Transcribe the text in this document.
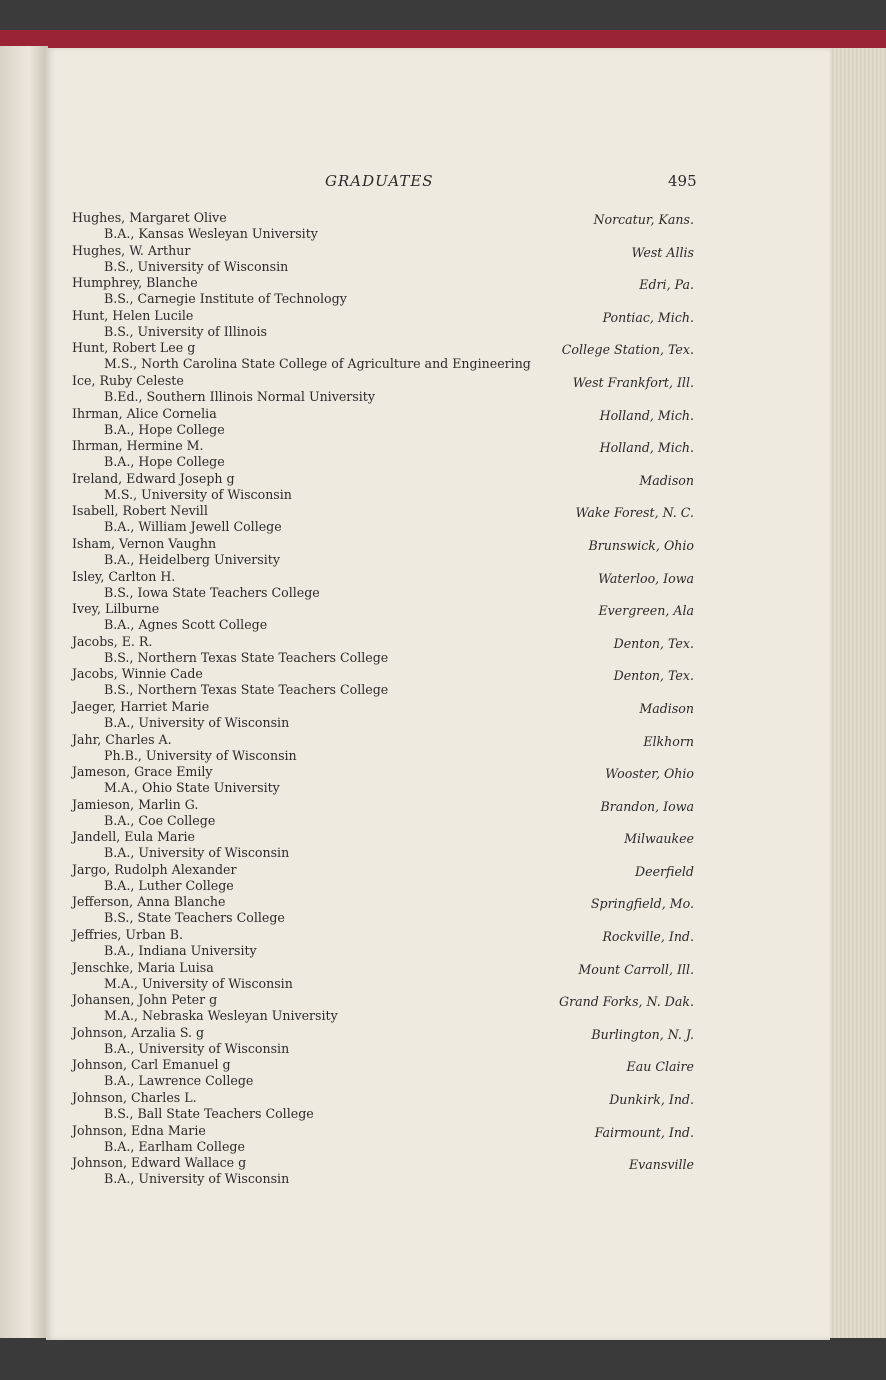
GRADUATES	495
Hughes, Margaret Olive
B.A., Kansas Wesleyan University
Norcatur, Kans.
Hughes, W. Arthur
B.S., University of Wisconsin
West Allis
Humphrey, Blanche
B.S., Carnegie Institute of Technology
Edri, Pa.
Hunt, Helen Lucile
B.S., University of Illinois
Pontiac, Mich.
Hunt, Robert Lee g
M.S., North Carolina State College of Agriculture and Engineering
College Station, Tex.
Ice, Ruby Celeste
B.Ed., Southern Illinois Normal University
West Frankfort, Ill.
Ihrman, Alice Cornelia
B.A., Hope College
Holland, Mich.
Ihrman, Hermine M.
B.A., Hope College
Holland, Mich.
Ireland, Edward Joseph g
M.S., University of Wisconsin
Madison
Isabell, Robert Nevill
B.A., William Jewell College
Wake Forest, N. C.
Isham, Vernon Vaughn
B.A., Heidelberg University
Brunswick, Ohio
Isley, Carlton H.
B.S., Iowa State Teachers College
Waterloo, Iowa
Ivey, Lilburne
B.A., Agnes Scott College
Evergreen, Ala
Jacobs, E. R.
B.S., Northern Texas State Teachers College
Denton, Tex.
Jacobs, Winnie Cade
B.S., Northern Texas State Teachers College
Denton, Tex.
Jaeger, Harriet Marie
B.A., University of Wisconsin
Madison
Jahr, Charles A.
Ph.B., University of Wisconsin
Elkhorn
Jameson, Grace Emily
M.A., Ohio State University
Wooster, Ohio
Jamieson, Marlin G.
B.A., Coe College
Brandon, Iowa
Jandell, Eula Marie
B.A., University of Wisconsin
Milwaukee
Jargo, Rudolph Alexander
B.A., Luther College
Deerfield
Jefferson, Anna Blanche
B.S., State Teachers College
Springfield, Mo.
Jeffries, Urban B.
B.A., Indiana University
Rockville, Ind.
Jenschke, Maria Luisa
M.A., University of Wisconsin
Mount Carroll, Ill.
Johansen, John Peter g
M.A., Nebraska Wesleyan University
Grand Forks, N. Dak.
Johnson, Arzalia S. g
B.A., University of Wisconsin
Burlington, N. J.
Johnson, Carl Emanuel g
B.A., Lawrence College
Eau Claire
Johnson, Charles L.
B.S., Ball State Teachers College
Dunkirk, Ind.
Johnson, Edna Marie
B.A., Earlham College
Fairmount, Ind.
Johnson, Edward Wallace g
B.A., University of Wisconsin
Evansville
